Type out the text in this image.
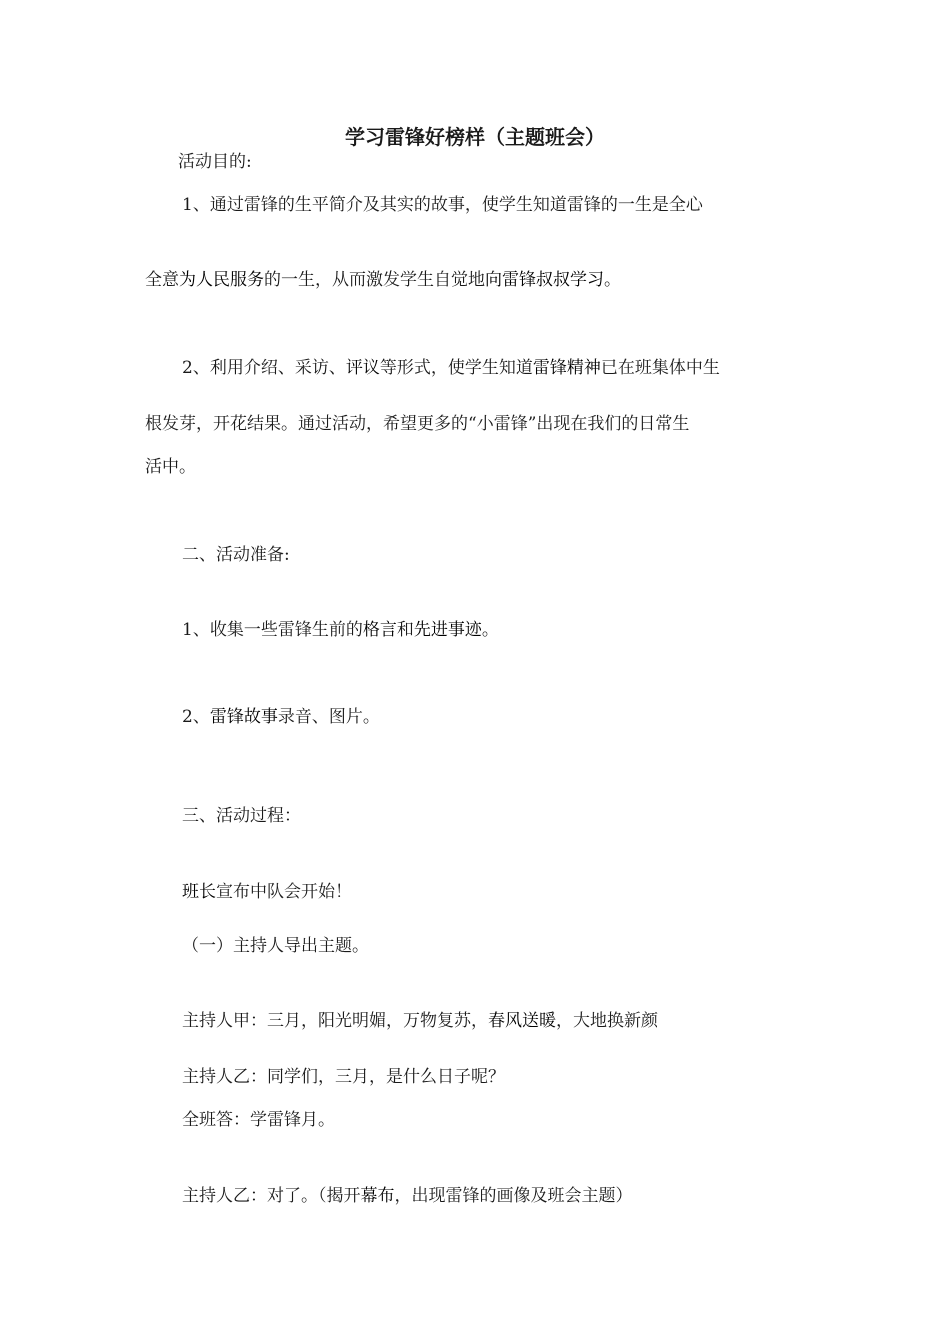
学习雷锋好榜样（主题班会）
活动目的:
1、通过雷锋的生平简介及其实的故事，使学生知道雷锋的一生是全心
全意为人民服务的一生，从而激发学生自觉地向雷锋叔叔学习。
2、利用介绍、采访、评议等形式，使学生知道雷锋精神已在班集体中生
根发芽，开花结果。通过活动，希望更多的“小雷锋”出现在我们的日常生
活中。
二、活动准备:
1、收集一些雷锋生前的格言和先进事迹。
2、雷锋故事录音、图片。
三、活动过程：
班长宣布中队会开始！
（一）主持人导出主题。
主持人甲：三月，阳光明媚，万物复苏，春风送暖，大地换新颜
主持人乙：同学们，三月，是什么日子呢？
全班答：学雷锋月。
主持人乙：对了。（揭开幕布，出现雷锋的画像及班会主题）
